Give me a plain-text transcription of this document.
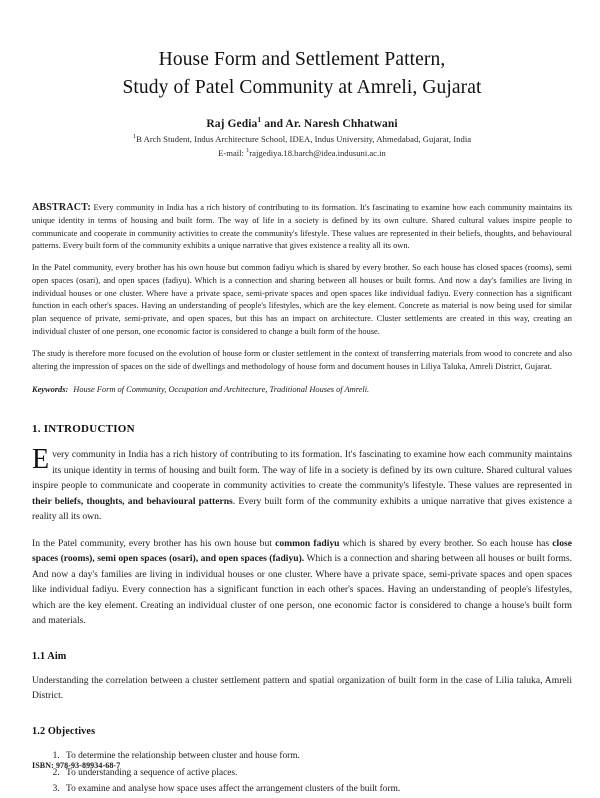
House Form and Settlement Pattern,
Study of Patel Community at Amreli, Gujarat
Raj Gedia$^1$ and Ar. Naresh Chhatwani
$^1$B Arch Student, Indus Architecture School, IDEA, Indus University, Ahmedabad, Gujarat, India
E-mail: $^1$rajgediya.18.barch@idea.indusuni.ac.in

ABSTRACT: Every community in India has a rich history of contributing to its formation. It's fascinating to examine how each community maintains its unique identity in terms of housing and built form. The way of life in a society is defined by its own culture. Shared cultural values inspire people to communicate and cooperate in community activities to create the community's lifestyle. These values are represented in their beliefs, thoughts, and behavioural patterns. Every built form of the community exhibits a unique narrative that gives existence a reality all its own.

In the Patel community, every brother has his own house but common fadiyu which is shared by every brother. So each house has closed spaces (rooms), semi open spaces (osari), and open spaces (fadiyu). Which is a connection and sharing between all houses or built forms. And now a day's families are living in individual houses or one cluster. Where have a private space, semi-private spaces and open spaces like individual fadiyu. Every connection has a significant function in each other's spaces. Having an understanding of people's lifestyles, which are the key element. Concrete as material is now being used for similar plan sequence of private, semi-private, and open spaces, but this has an impact on architecture. Cluster settlements are created in this way, creating an individual cluster of one person, one economic factor is considered to change a built form of the house.

The study is therefore more focused on the evolution of house form or cluster settlement in the context of transferring materials from wood to concrete and also altering the impression of spaces on the side of dwellings and methodology of house form and document houses in Liliya Taluka, Amreli District, Gujarat.

Keywords: House Form of Community, Occupation and Architecture, Traditional Houses of Amreli.

1. INTRODUCTION

Every community in India has a rich history of contributing to its formation. It's fascinating to examine how each community maintains its unique identity in terms of housing and built form. The way of life in a society is defined by its own culture. Shared cultural values inspire people to communicate and cooperate in community activities to create the community's lifestyle. These values are represented in their beliefs, thoughts, and behavioural patterns. Every built form of the community exhibits a unique narrative that gives existence a reality all its own.

In the Patel community, every brother has his own house but common fadiyu which is shared by every brother. So each house has close spaces (rooms), semi open spaces (osari), and open spaces (fadiyu). Which is a connection and sharing between all houses or built forms. And now a day's families are living in individual houses or one cluster. Where have a private space, semi-private spaces and open spaces like individual fadiyu. Every connection has a significant function in each other's spaces. Having an understanding of people's lifestyles, which are the key element. Creating an individual cluster of one person, one economic factor is considered to change a house's built form and materials.

1.1 Aim

Understanding the correlation between a cluster settlement pattern and spatial organization of built form in the case of Lilia taluka, Amreli District.

1.2 Objectives
1. To determine the relationship between cluster and house form.
2. To understanding a sequence of active places.
3. To examine and analyse how space uses affect the arrangement clusters of the built form.
ISBN: 978-93-89934-68-7
